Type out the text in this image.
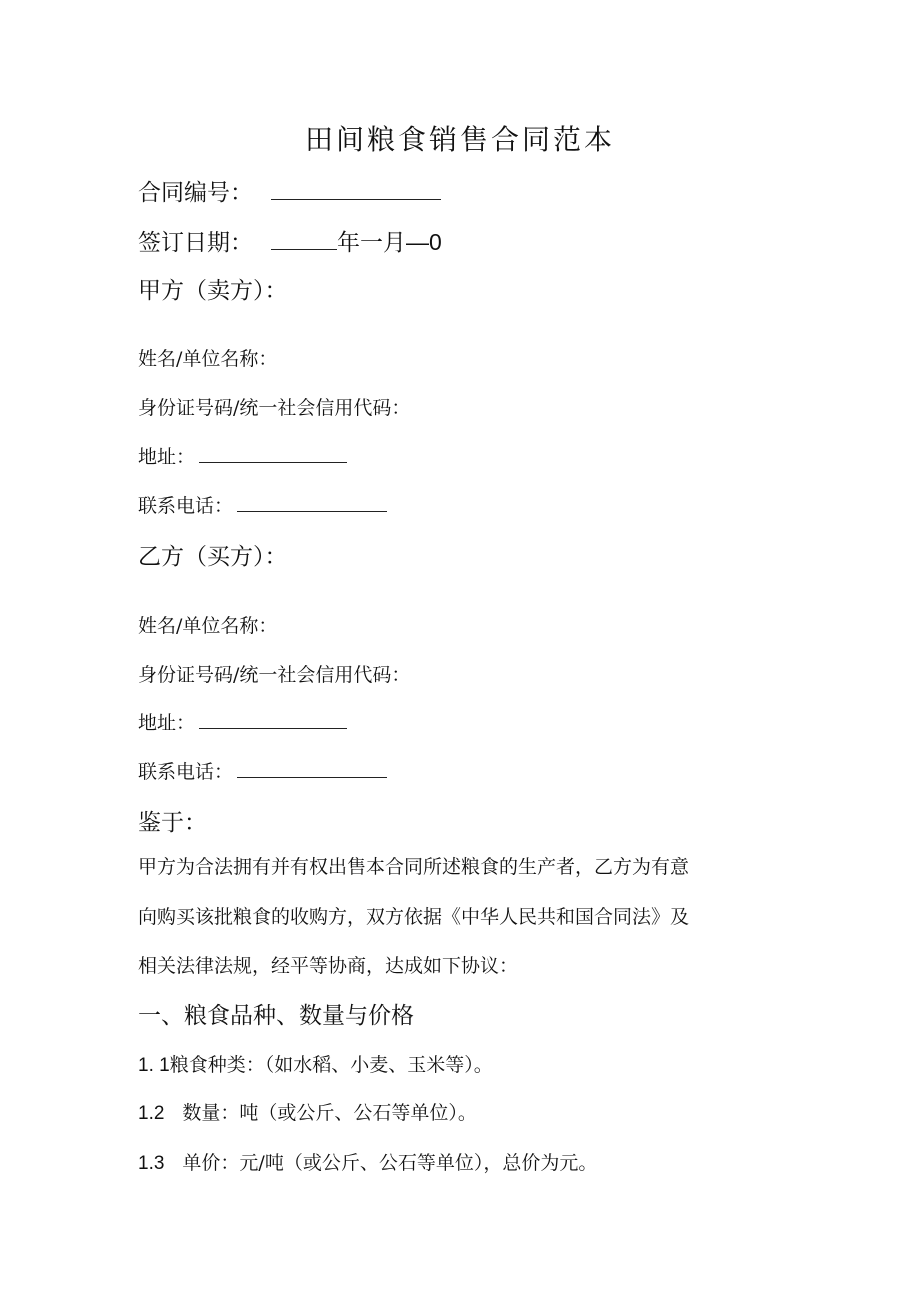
田间粮食销售合同范本
合同编号：
签订日期：	年一月—0
甲方（卖方）：
姓名/单位名称：
身份证号码/统一社会信用代码：
地址：
联系电话：
乙方（买方）：
姓名/单位名称：
身份证号码/统一社会信用代码：
地址：
联系电话：
鉴于：
甲方为合法拥有并有权出售本合同所述粮食的生产者，乙方为有意
向购买该批粮食的收购方，双方依据《中华人民共和国合同法》及
相关法律法规，经平等协商，达成如下协议：
一、粮食品种、数量与价格
1. 1粮食种类：（如水稻、小麦、玉米等）。
1.2 数量：吨（或公斤、公石等单位）。
1.3 单价：元/吨（或公斤、公石等单位），总价为元。
